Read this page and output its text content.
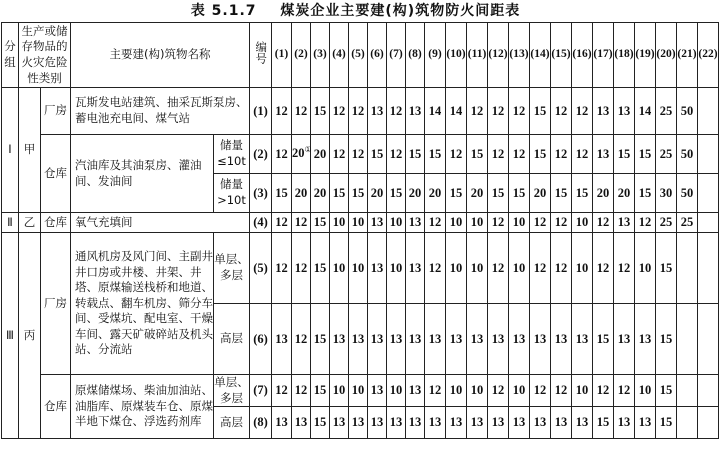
表 5.1.7 煤炭企业主要建(构)筑物防火间距表
分组	生产或储存物品的火灾危险性类别		主要建(构)筑物名称		编号	(1)	(2)	(3)	(4)	(5)	(6)	(7)	(8)	(9)	(10)	(11)	(12)	(13)	(14)	(15)	(16)	(17)	(18)	(19)	(20)	(21)	(22)
Ⅰ	甲	厂房	瓦斯发电站建筑、抽采瓦斯泵房、蓄电池充电间、煤气站		(1)	12	12	15	12	12	13	12	13	14	14	12	12	12	15	12	12	13	13	14	25	50	
		仓库	汽油库及其油泵房、灌油间、发油间	储量≤10t	(2)	12	20①	20	12	12	15	12	15	15	12	15	12	12	15	12	12	13	15	15	25	50	
				储量>10t	(3)	15	20	20	15	15	20	15	20	20	15	20	15	15	20	15	15	20	20	15	30	50	
Ⅱ	乙	仓库	氧气充填间		(4)	12	12	15	10	10	13	10	13	12	10	10	12	10	12	12	10	12	13	12	25	25	
Ⅲ	丙	厂房	通风机房及风门间、主副井井口房或井楼、井架、井塔、原煤输送栈桥和地道、转载点、翻车机房、筛分车间、受煤坑、配电室、干燥车间、露天矿破碎站及机头站、分流站	单层、多层	(5)	12	12	15	10	10	13	10	13	12	10	10	12	10	12	12	10	12	12	10	15		
				高层	(6)	13	12	15	13	13	13	13	13	13	13	13	13	13	13	13	13	15	13	13	15		
		仓库	原煤储煤场、柴油加油站、油脂库、原煤装车仓、原煤半地下煤仓、浮选药剂库	单层、多层	(7)	12	12	15	10	10	13	10	13	12	10	10	12	10	12	12	10	12	12	10	15		
				高层	(8)	13	13	15	13	13	13	13	13	13	13	13	13	13	13	13	13	15	13	13	15		
